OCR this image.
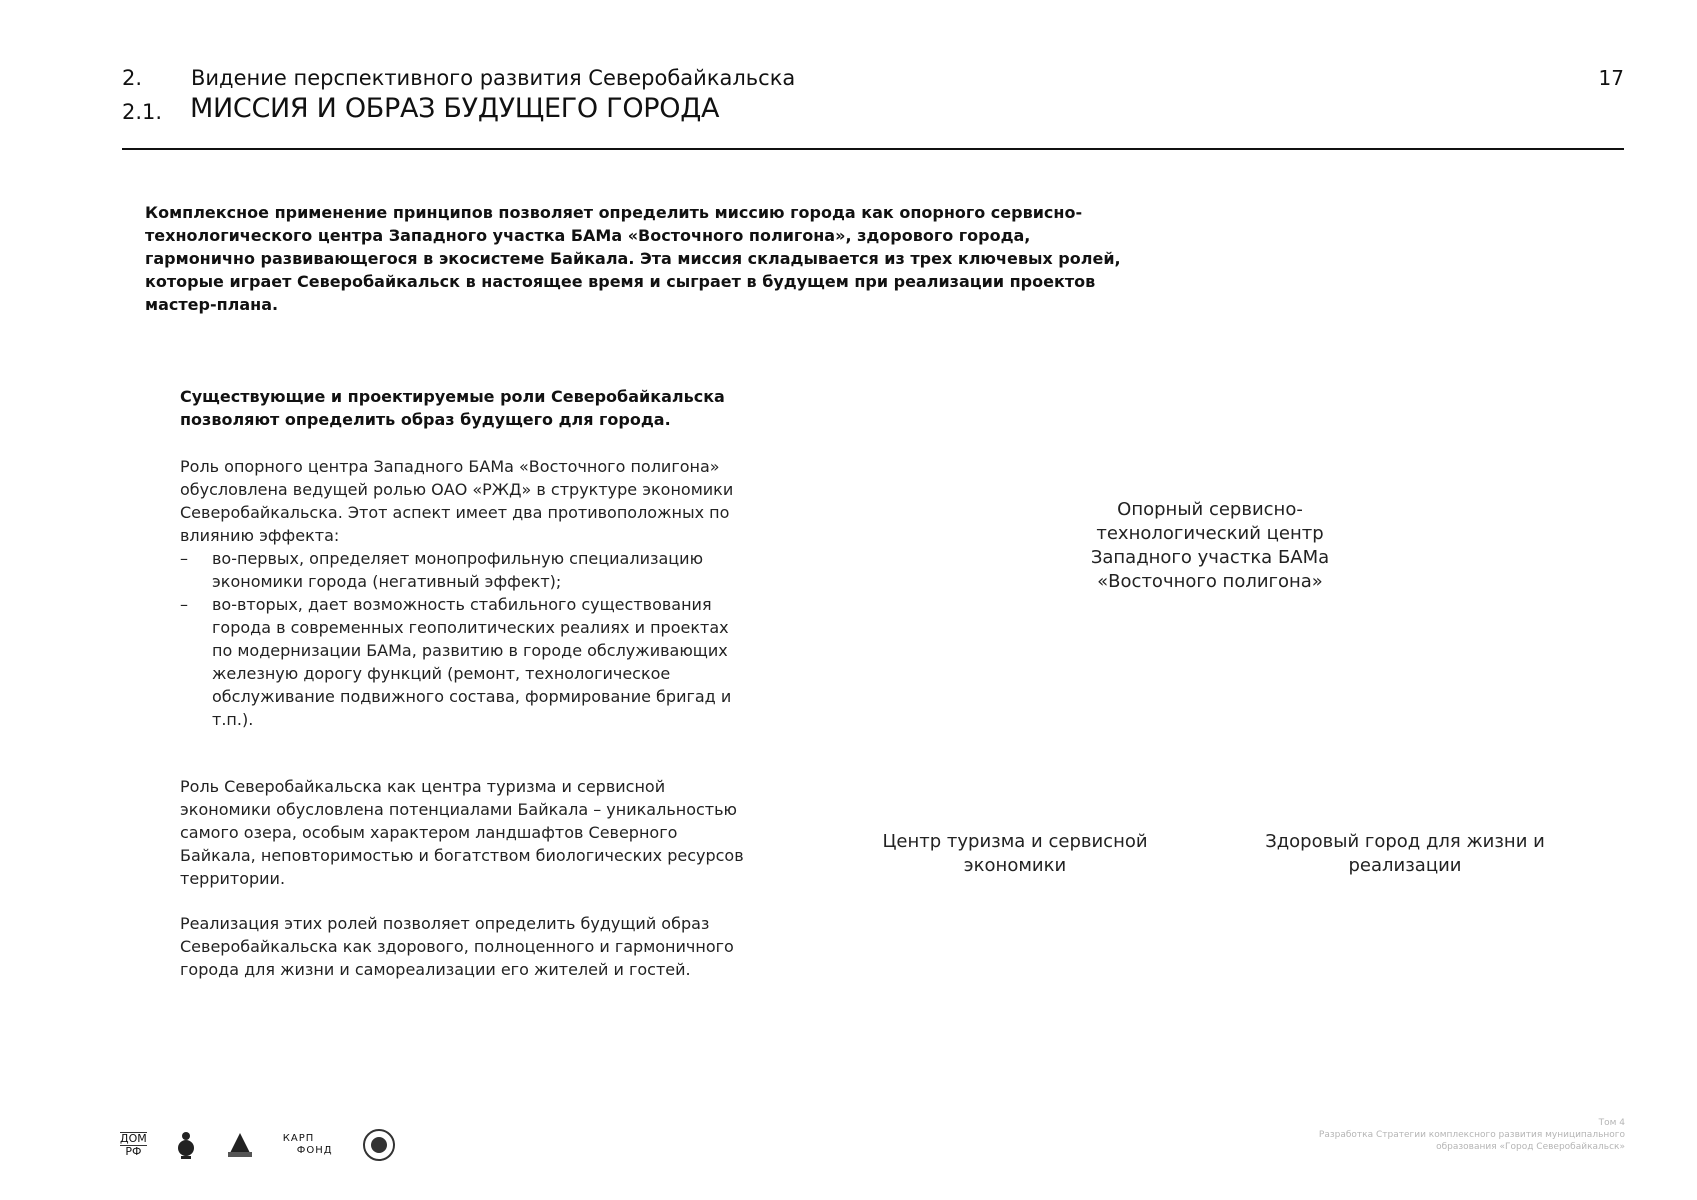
2. Видение перспективного развития Северобайкальска
2.1. МИССИЯ И ОБРАЗ БУДУЩЕГО ГОРОДА
17
Комплексное применение принципов позволяет определить миссию города как опорного сервисно-технологического центра Западного участка БАМа «Восточного полигона», здорового города, гармонично развивающегося в экосистеме Байкала. Эта миссия складывается из трех ключевых ролей, которые играет Северобайкальск в настоящее время и сыграет в будущем при реализации проектов мастер-плана.
Существующие и проектируемые роли Северобайкальска позволяют определить образ будущего для города.
Роль опорного центра Западного БАМа «Восточного полигона» обусловлена ведущей ролью ОАО «РЖД» в структуре экономики Северобайкальска. Этот аспект имеет два противоположных по влиянию эффекта:
– во-первых, определяет монопрофильную специализацию экономики города (негативный эффект);
– во-вторых, дает возможность стабильного существования города в современных геополитических реалиях и проектах по модернизации БАМа, развитию в городе обслуживающих железную дорогу функций (ремонт, технологическое обслуживание подвижного состава, формирование бригад и т.п.).
Роль Северобайкальска как центра туризма и сервисной экономики обусловлена потенциалами Байкала – уникальностью самого озера, особым характером ландшафтов Северного Байкала, неповторимостью и богатством биологических ресурсов территории.
Реализация этих ролей позволяет определить будущий образ Северобайкальска как здорового, полноценного и гармоничного города для жизни и самореализации его жителей и гостей.
Опорный сервисно-технологический центр Западного участка БАМа «Восточного полигона»
Центр туризма и сервисной экономики
Здоровый город для жизни и реализации
ДОМ
РФ
КАРП
ФОНД
Том 4
Разработка Стратегии комплексного развития муниципального
образования «Город Северобайкальск»
